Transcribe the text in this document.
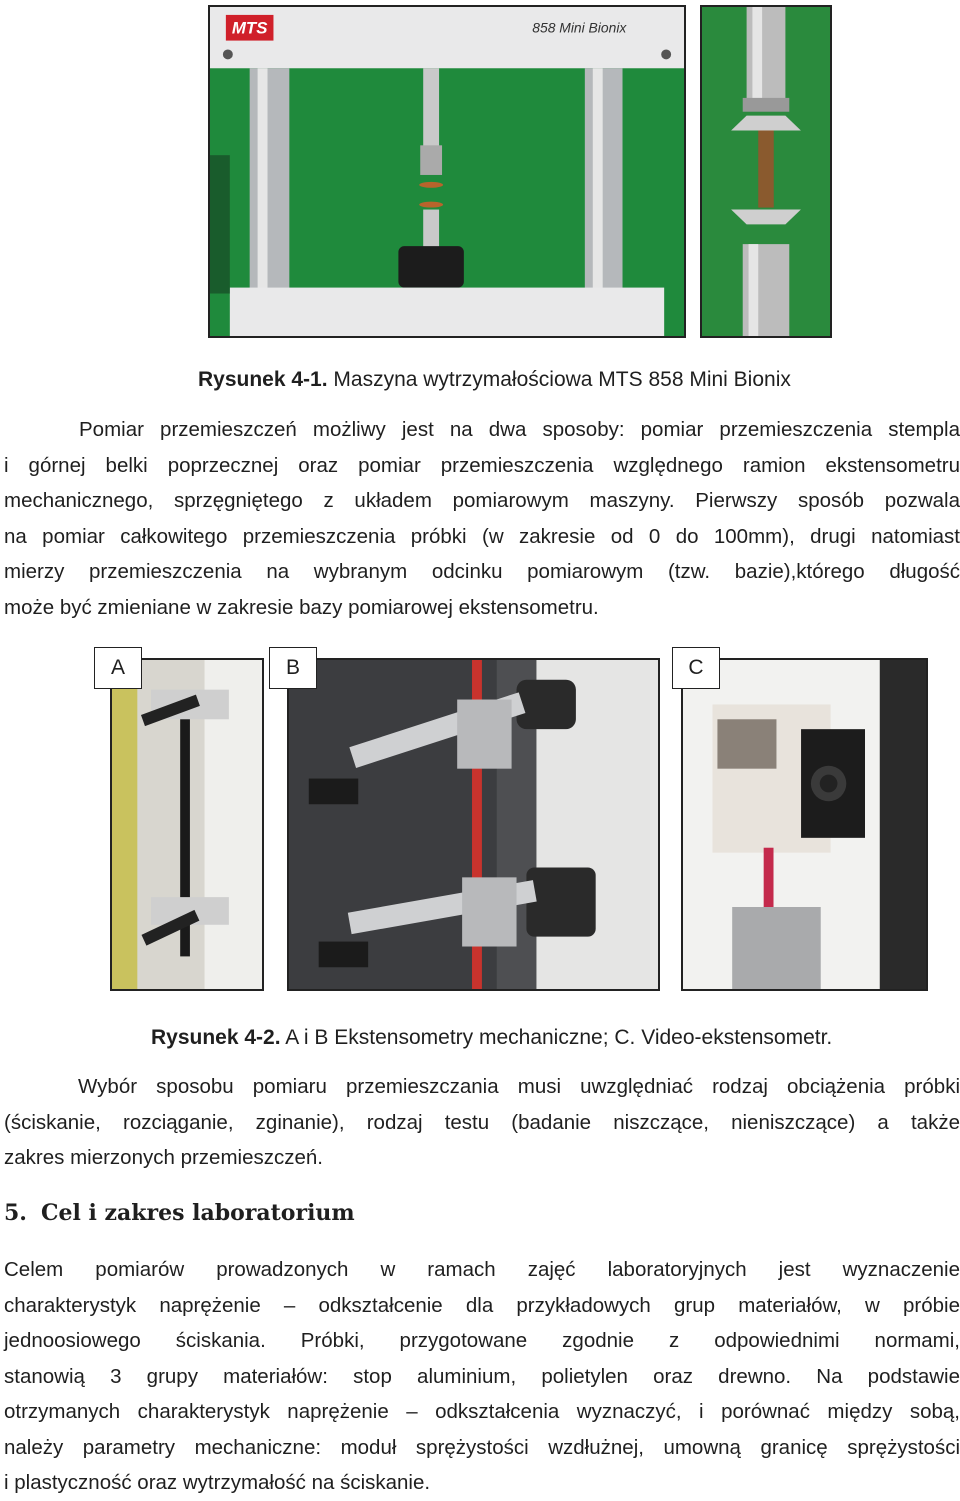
MTS	858 Mini Bionix
Rysunek 4-1. Maszyna wytrzymałościowa MTS 858 Mini Bionix
Pomiar przemieszczeń możliwy jest na dwa sposoby: pomiar przemieszczenia stempla
i górnej belki poprzecznej oraz pomiar przemieszczenia względnego ramion ekstensometru
mechanicznego, sprzęgniętego z układem pomiarowym maszyny. Pierwszy sposób pozwala
na pomiar całkowitego przemieszczenia próbki (w zakresie od 0 do 100mm), drugi natomiast
mierzy przemieszczenia na wybranym odcinku pomiarowym (tzw. bazie),którego długość
może być zmieniane w zakresie bazy pomiarowej ekstensometru.
A	B	C
Rysunek 4-2. A i B Ekstensometry mechaniczne; C. Video-ekstensometr.
Wybór sposobu pomiaru przemieszczania musi uwzględniać rodzaj obciążenia próbki
(ściskanie, rozciąganie, zginanie), rodzaj testu (badanie niszczące, nieniszczące) a także
zakres mierzonych przemieszczeń.
5. Cel i zakres laboratorium
Celem pomiarów prowadzonych w ramach zajęć laboratoryjnych jest wyznaczenie
charakterystyk naprężenie – odkształcenie dla przykładowych grup materiałów, w próbie
jednoosiowego ściskania. Próbki, przygotowane zgodnie z odpowiednimi normami,
stanowią 3 grupy materiałów: stop aluminium, polietylen oraz drewno. Na podstawie
otrzymanych charakterystyk naprężenie – odkształcenia wyznaczyć, i porównać między sobą,
należy parametry mechaniczne: moduł sprężystości wzdłużnej, umowną granicę sprężystości
i plastyczność oraz wytrzymałość na ściskanie.
